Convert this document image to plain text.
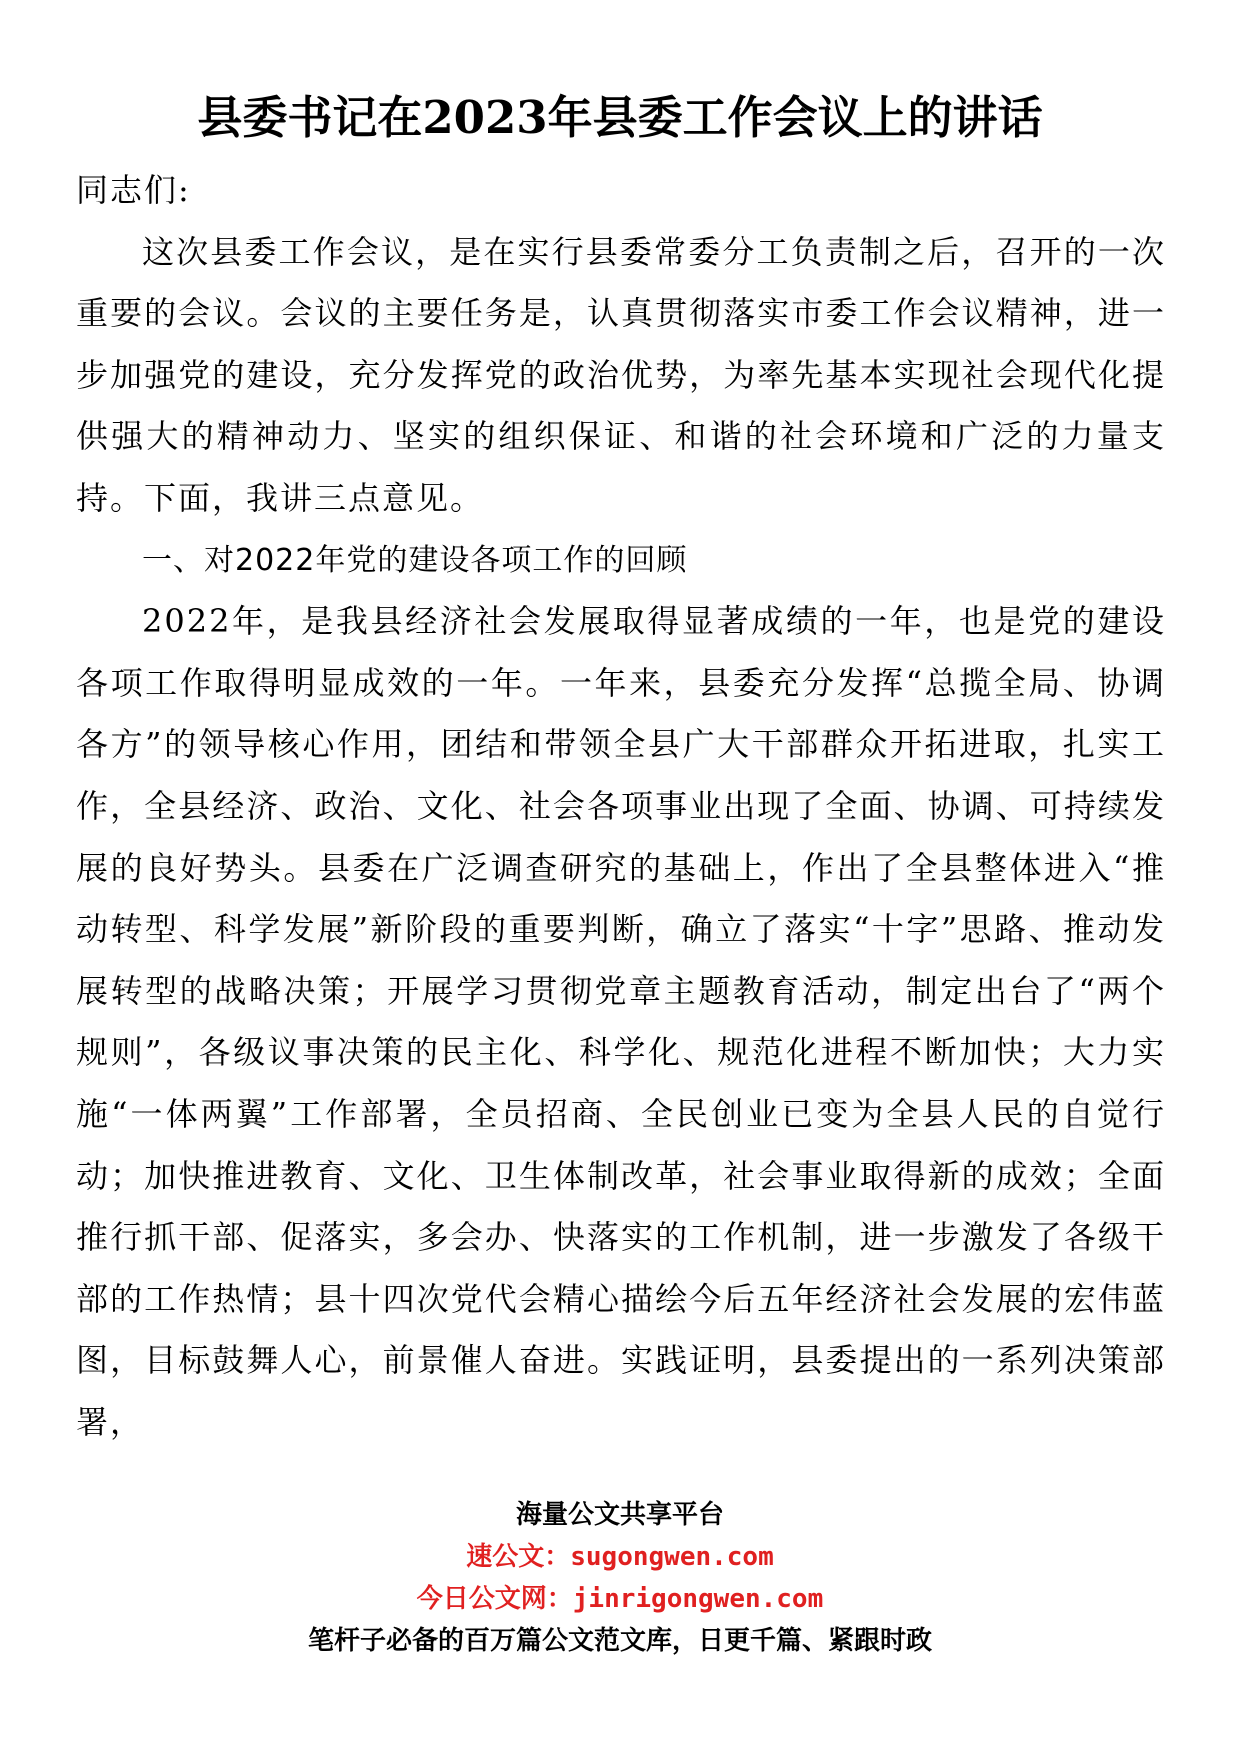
县委书记在2023年县委工作会议上的讲话

同志们:

这次县委工作会议，是在实行县委常委分工负责制之后，召开的一次重要的会议。会议的主要任务是，认真贯彻落实市委工作会议精神，进一步加强党的建设，充分发挥党的政治优势，为率先基本实现社会现代化提供强大的精神动力、坚实的组织保证、和谐的社会环境和广泛的力量支持。下面，我讲三点意见。

一、对2022年党的建设各项工作的回顾

2022年，是我县经济社会发展取得显著成绩的一年，也是党的建设各项工作取得明显成效的一年。一年来，县委充分发挥“总揽全局、协调各方”的领导核心作用，团结和带领全县广大干部群众开拓进取，扎实工作，全县经济、政治、文化、社会各项事业出现了全面、协调、可持续发展的良好势头。县委在广泛调查研究的基础上，作出了全县整体进入“推动转型、科学发展”新阶段的重要判断，确立了落实“十字”思路、推动发展转型的战略决策；开展学习贯彻党章主题教育活动，制定出台了“两个规则”，各级议事决策的民主化、科学化、规范化进程不断加快；大力实施“一体两翼”工作部署，全员招商、全民创业已变为全县人民的自觉行动；加快推进教育、文化、卫生体制改革，社会事业取得新的成效；全面推行抓干部、促落实，多会办、快落实的工作机制，进一步激发了各级干部的工作热情；县十四次党代会精心描绘今后五年经济社会发展的宏伟蓝图，目标鼓舞人心，前景催人奋进。实践证明，县委提出的一系列决策部署，

海量公文共享平台
速公文：sugongwen.com
今日公文网：jinrigongwen.com
笔杆子必备的百万篇公文范文库，日更千篇、紧跟时政
